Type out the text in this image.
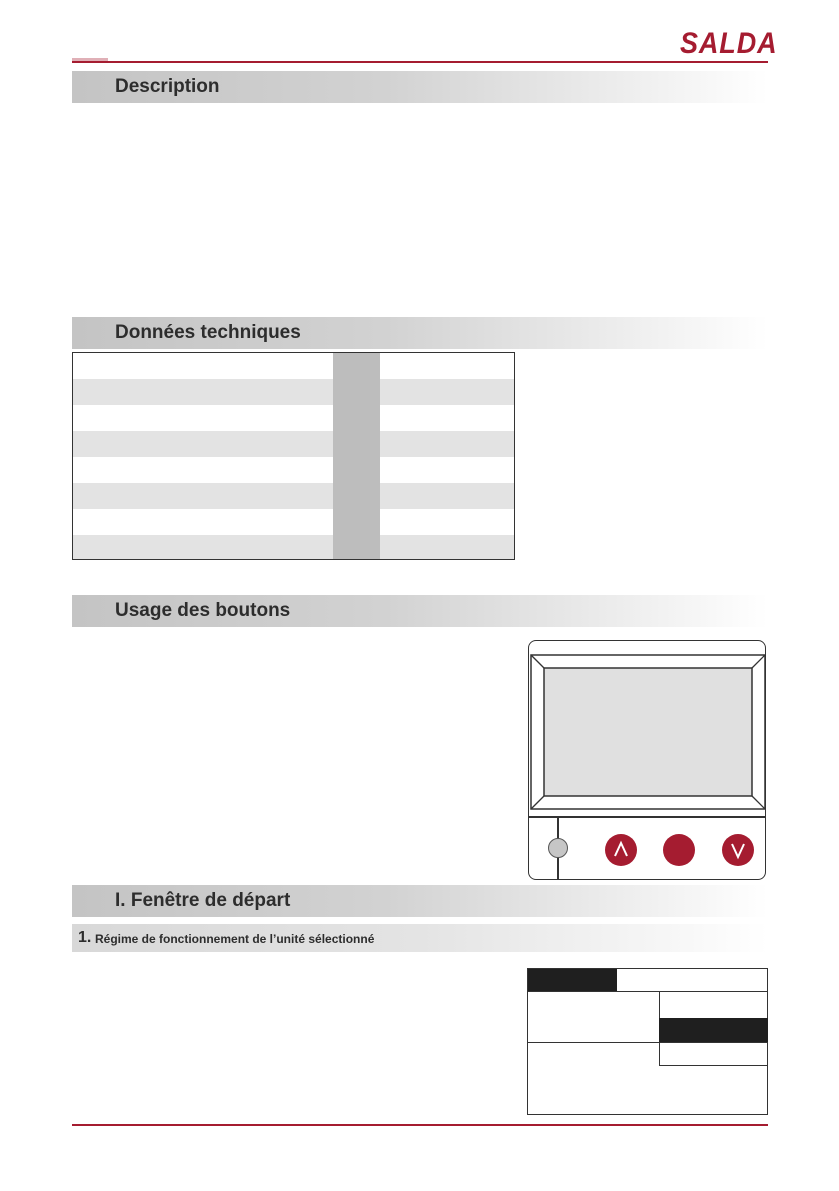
SALDA
Description
Données techniques
Usage des boutons
I. Fenêtre de départ
1. Régime de fonctionnement de l’unité sélectionné
